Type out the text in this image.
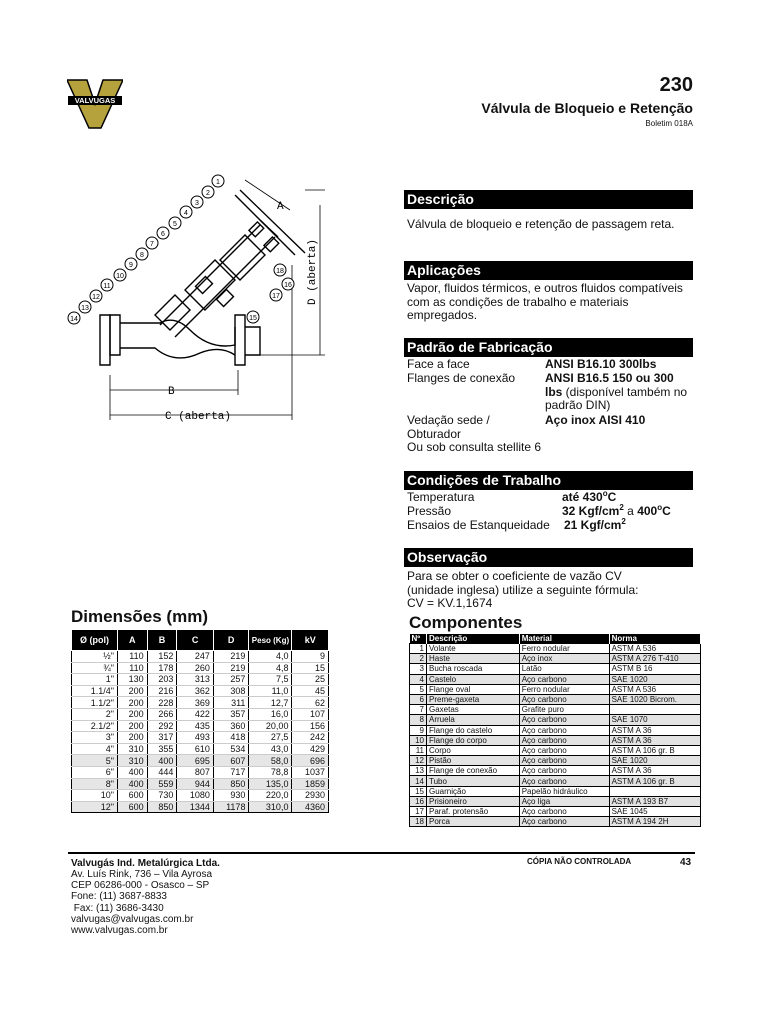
VALVUGAS
230
Válvula de Bloqueio e Retenção
Boletim 018A
B
C (aberta)
A
D (aberta)
1
2
3
4
5
6
7
8
9
10
11
12
13
14	15
16
17
18
Descrição
Válvula de bloqueio e retenção de passagem reta.
Aplicações
Vapor, fluidos térmicos, e outros fluidos compatíveis com as condições de trabalho e materiais empregados.
Padrão de Fabricação
Face a face	ANSI B16.10 300lbs
Flanges de conexão ANSI B16.5 150 ou 300
lbs (disponível também no padrão DIN)
Vedação sede /
Obturador
Aço inox AISI 410
Ou sob consulta stellite 6
Condições de Trabalho
Temperatura	até 430$^o$C
Pressão	32 Kgf/$cm^2$ a 400$^o$C
Ensaios de Estanqueidade 21 Kgf/$cm^2$
Observação
Para se obter o coeficiente de vazão CV
(unidade inglesa) utilize a seguinte fórmula:
CV = KV.1,1674
Dimensões (mm)
Ø (pol)	A	B	C	D	Peso (Kg)	kV
½"	110	152	247	219	4,0	9
¾"	110	178	260	219	4,8	15
1"	130	203	313	257	7,5	25
1.1/4"	200	216	362	308	11,0	45
1.1/2"	200	228	369	311	12,7	62
2"	200	266	422	357	16,0	107
2.1/2"	200	292	435	360	20,00	156
3"	200	317	493	418	27,5	242
4"	310	355	610	534	43,0	429
5"	310	400	695	607	58,0	696
6"	400	444	807	717	78,8	1037
8"	400	559	944	850	135,0	1859
10"	600	730	1080	930	220,0	2930
12"	600	850	1344	1178	310,0	4360
Componentes
Nº	Descrição	Material	Norma
1	Volante	Ferro nodular	ASTM A 536
2	Haste	Aço inox	ASTM A 276 T-410
3	Bucha roscada	Latão	ASTM B 16
4	Castelo	Aço carbono	SAE 1020
5	Flange oval	Ferro nodular	ASTM A 536
6	Preme-gaxeta	Aço carbono	SAE 1020 Bicrom.
7	Gaxetas	Grafite puro	
8	Arruela	Aço carbono	SAE 1070
9	Flange do castelo	Aço carbono	ASTM A 36
10	Flange do corpo	Aço carbono	ASTM A 36
11	Corpo	Aço carbono	ASTM A 106 gr. B
12	Pistão	Aço carbono	SAE 1020
13	Flange de conexão	Aço carbono	ASTM A 36
14	Tubo	Aço carbono	ASTM A 106 gr. B
15	Guarnição	Papelão hidráulico	
16	Prisioneiro	Aço liga	ASTM A 193 B7
17	Paraf. protensão	Aço carbono	SAE 1045
18	Porca	Aço carbono	ASTM A 194 2H
Valvugás Ind. Metalúrgica Ltda.
Av. Luís Rink, 736 – Vila Ayrosa
CEP 06286-000 - Osasco – SP
Fone: (11) 3687-8833
Fax: (11) 3686-3430
valvugas@valvugas.com.br
www.valvugas.com.br
CÓPIA NÃO CONTROLADA	43
